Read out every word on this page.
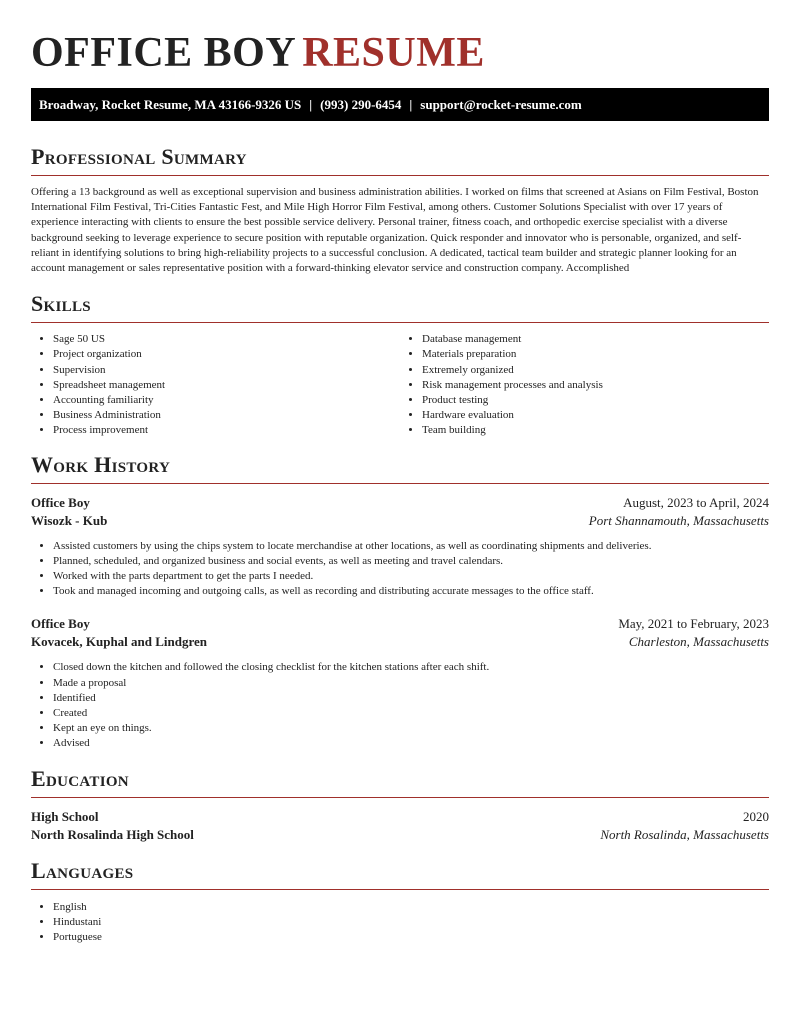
OFFICE BOY RESUME
Broadway, Rocket Resume, MA 43166-9326 US | (993) 290-6454 | support@rocket-resume.com
Professional Summary

Offering a 13 background as well as exceptional supervision and business administration abilities. I worked on films that screened at Asians on Film Festival, Boston International Film Festival, Tri-Cities Fantastic Fest, and Mile High Horror Film Festival, among others. Customer Solutions Specialist with over 17 years of experience interacting with clients to ensure the best possible service delivery. Personal trainer, fitness coach, and orthopedic exercise specialist with a diverse background seeking to leverage experience to secure position with reputable organization. Quick responder and innovator who is personable, organized, and self-reliant in identifying solutions to bring high-reliability projects to a successful conclusion. A dedicated, tactical team builder and strategic planner looking for an account management or sales representative position with a forward-thinking elevator service and construction company. Accomplished

Skills
• Sage 50 US
• Project organization
• Supervision
• Spreadsheet management
• Accounting familiarity
• Business Administration
• Process improvement
• Database management
• Materials preparation
• Extremely organized
• Risk management processes and analysis
• Product testing
• Hardware evaluation
• Team building
Work History
Office Boy	August, 2023 to April, 2024
Wisozk - Kub	Port Shannamouth, Massachusetts
• Assisted customers by using the chips system to locate merchandise at other locations, as well as coordinating shipments and deliveries.
• Planned, scheduled, and organized business and social events, as well as meeting and travel calendars.
• Worked with the parts department to get the parts I needed.
• Took and managed incoming and outgoing calls, as well as recording and distributing accurate messages to the office staff.
Office Boy	May, 2021 to February, 2023
Kovacek, Kuphal and Lindgren	Charleston, Massachusetts
• Closed down the kitchen and followed the closing checklist for the kitchen stations after each shift.
• Made a proposal
• Identified
• Created
• Kept an eye on things.
• Advised
Education
High School	2020
North Rosalinda High School	North Rosalinda, Massachusetts
Languages
• English
• Hindustani
• Portuguese
